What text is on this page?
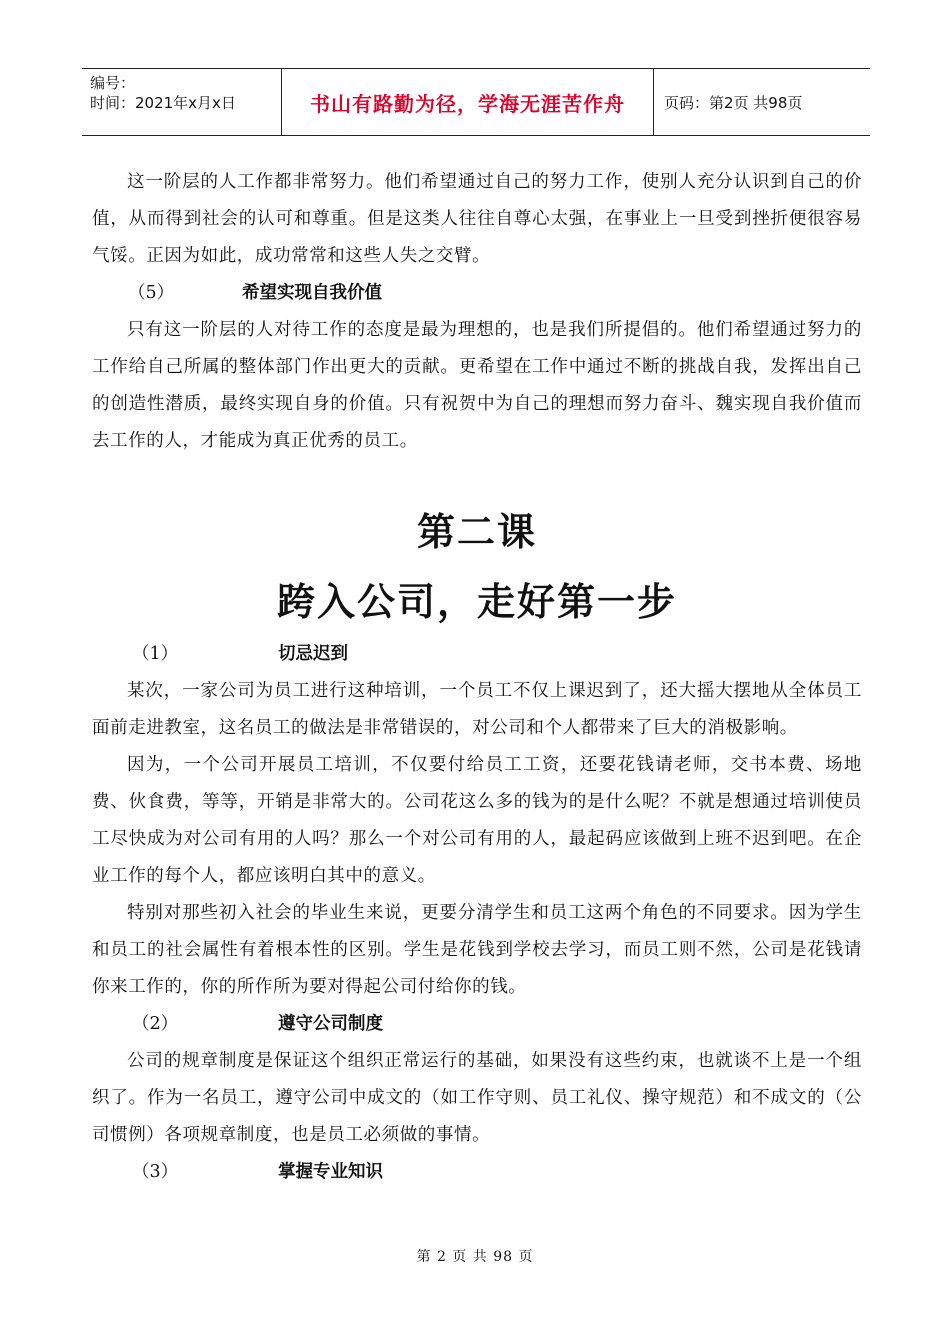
编号：
时间：2021年x月x日	书山有路勤为径，学海无涯苦作舟	页码：第2页 共98页

这一阶层的人工作都非常努力。他们希望通过自己的努力工作，使别人充分认识到自己的价值，从而得到社会的认可和尊重。但是这类人往往自尊心太强，在事业上一旦受到挫折便很容易气馁。正因为如此，成功常常和这些人失之交臂。

（5）	希望实现自我价值

只有这一阶层的人对待工作的态度是最为理想的，也是我们所提倡的。他们希望通过努力的工作给自己所属的整体部门作出更大的贡献。更希望在工作中通过不断的挑战自我，发挥出自己的创造性潜质，最终实现自身的价值。只有祝贺中为自己的理想而努力奋斗、魏实现自我价值而去工作的人，才能成为真正优秀的员工。

第二课
跨入公司，走好第一步
（1）	切忌迟到

某次，一家公司为员工进行这种培训，一个员工不仅上课迟到了，还大摇大摆地从全体员工面前走进教室，这名员工的做法是非常错误的，对公司和个人都带来了巨大的消极影响。

因为，一个公司开展员工培训，不仅要付给员工工资，还要花钱请老师，交书本费、场地费、伙食费，等等，开销是非常大的。公司花这么多的钱为的是什么呢？不就是想通过培训使员工尽快成为对公司有用的人吗？那么一个对公司有用的人，最起码应该做到上班不迟到吧。在企业工作的每个人，都应该明白其中的意义。

特别对那些初入社会的毕业生来说，更要分清学生和员工这两个角色的不同要求。因为学生和员工的社会属性有着根本性的区别。学生是花钱到学校去学习，而员工则不然，公司是花钱请你来工作的，你的所作所为要对得起公司付给你的钱。

（2）	遵守公司制度

公司的规章制度是保证这个组织正常运行的基础，如果没有这些约束，也就谈不上是一个组织了。作为一名员工，遵守公司中成文的（如工作守则、员工礼仪、操守规范）和不成文的（公司惯例）各项规章制度，也是员工必须做的事情。

（3）	掌握专业知识
第 2 页 共 98 页
